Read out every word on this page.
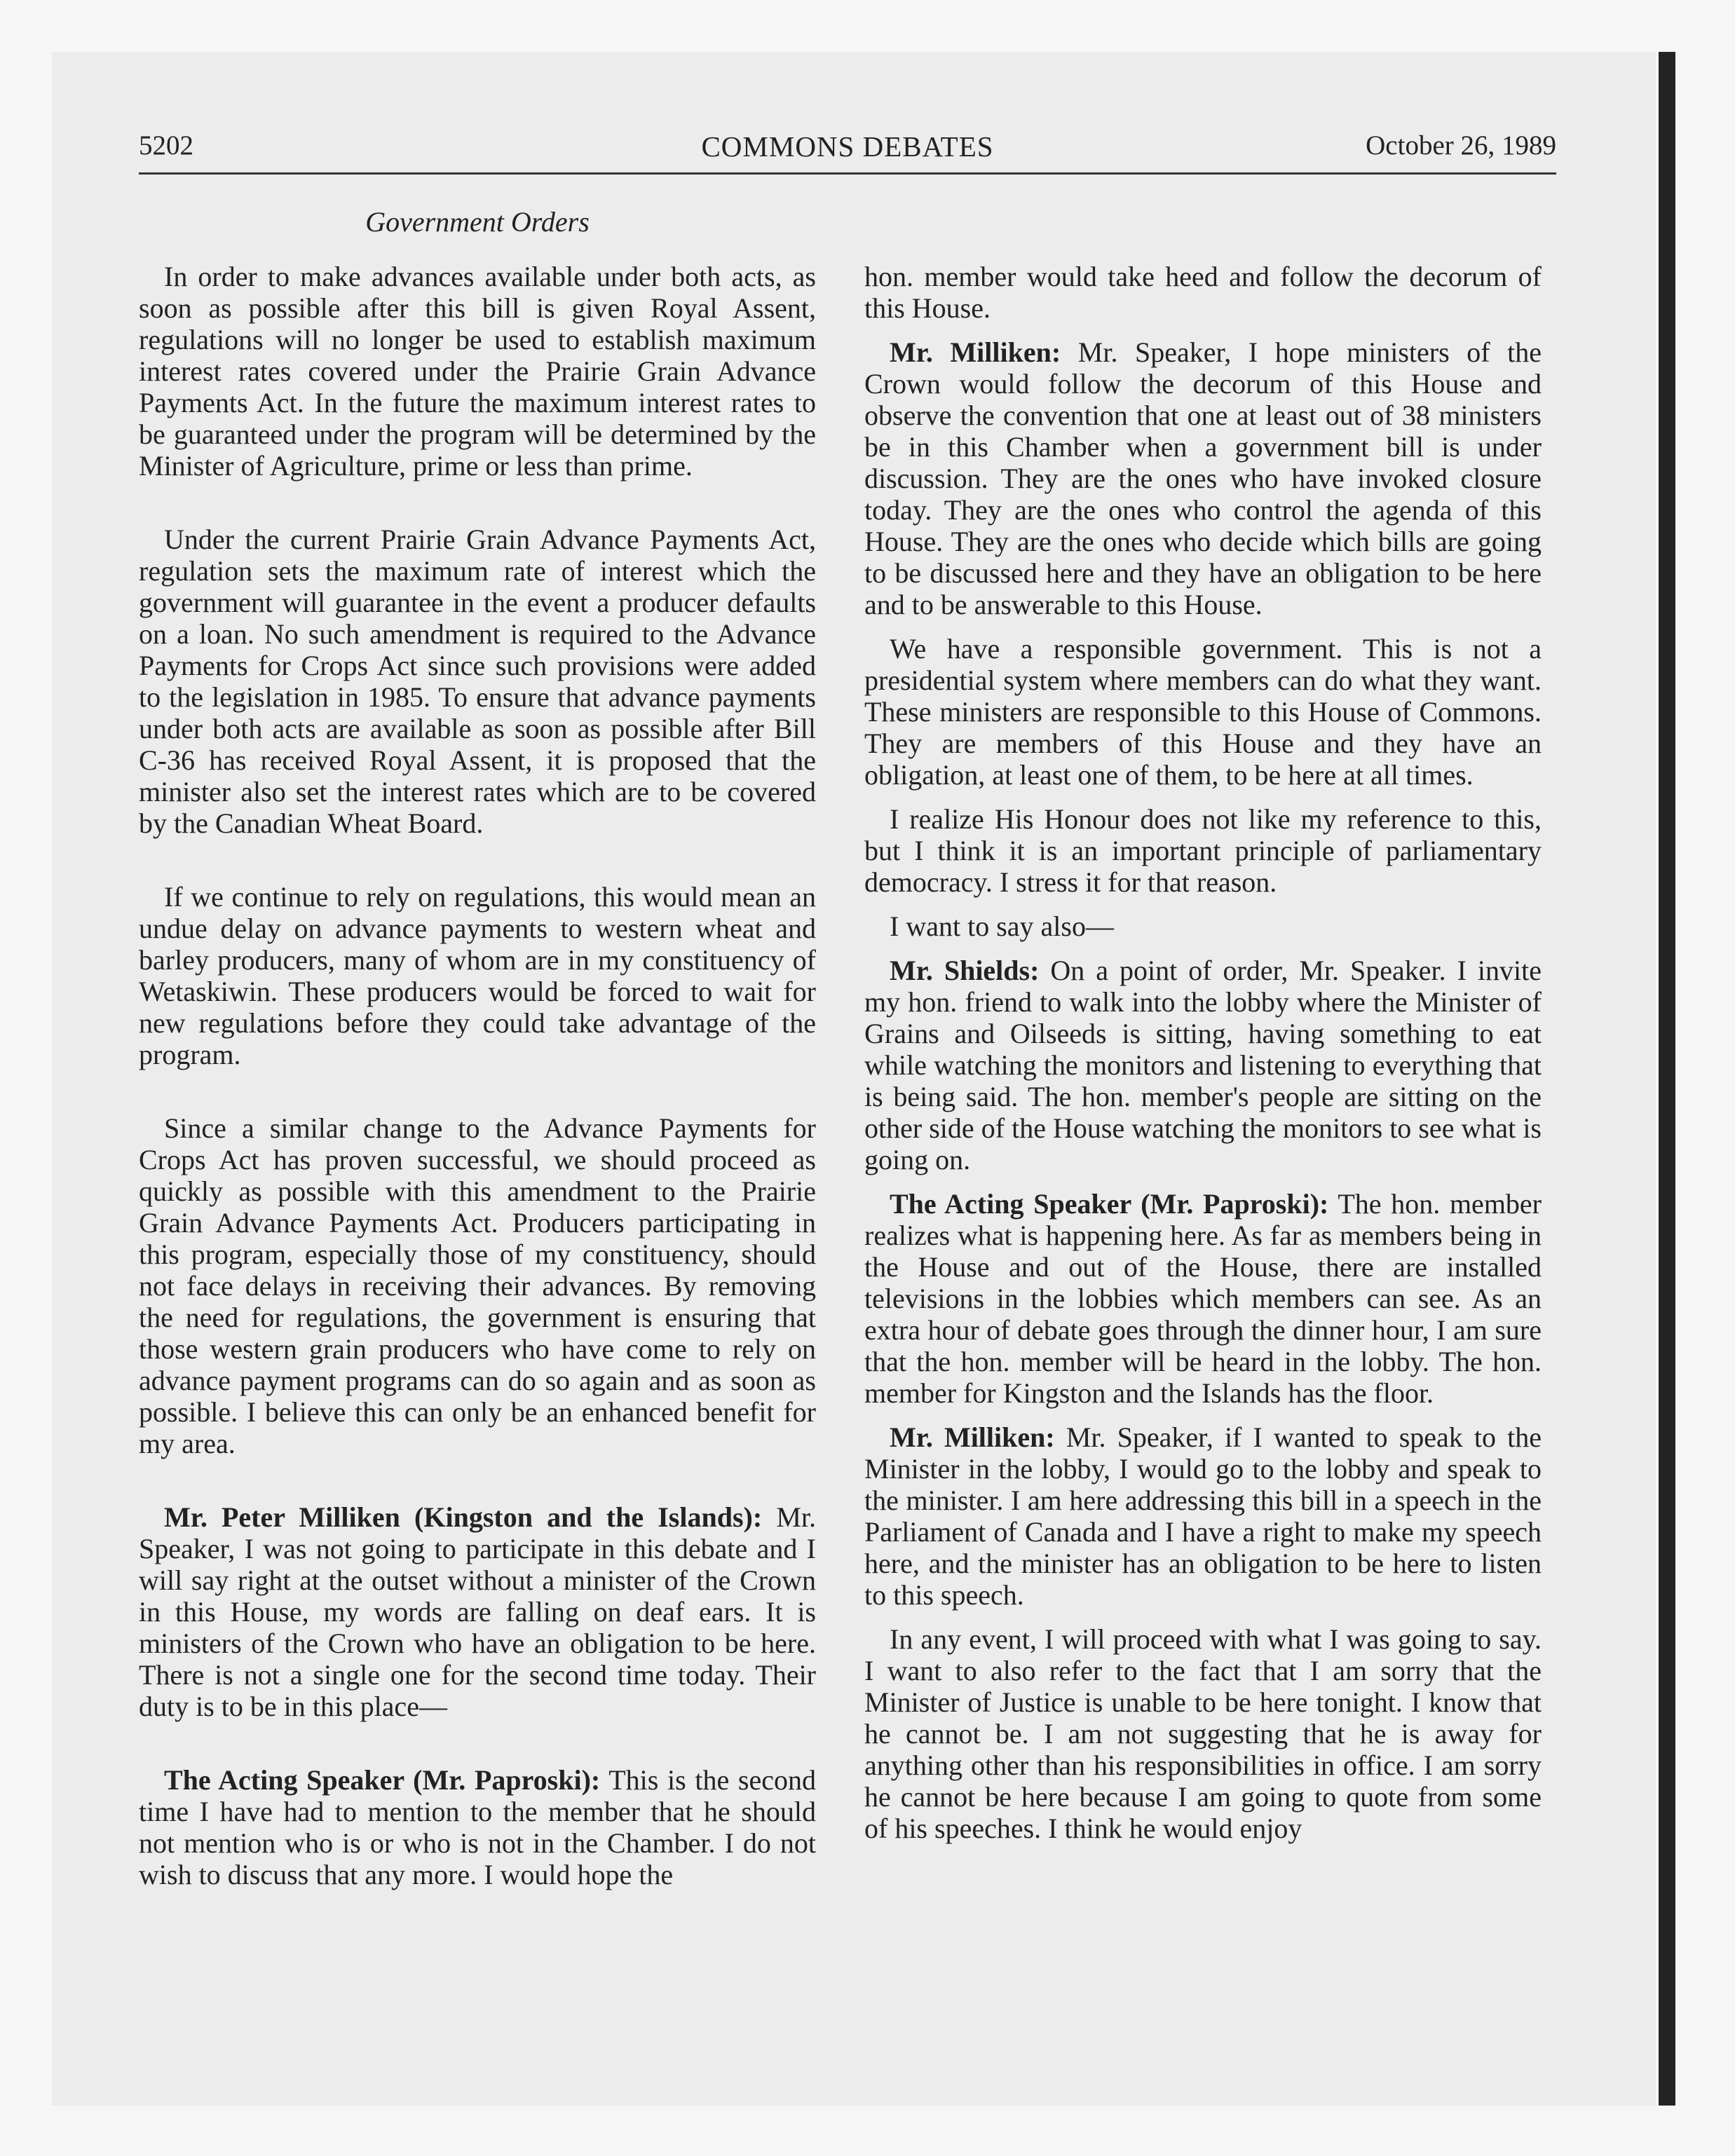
5202	COMMONS DEBATES	October 26, 1989
Government Orders

In order to make advances available under both acts, as soon as possible after this bill is given Royal Assent, regulations will no longer be used to establish maximum interest rates covered under the Prairie Grain Advance Payments Act. In the future the maximum interest rates to be guaranteed under the program will be determined by the Minister of Agriculture, prime or less than prime.

Under the current Prairie Grain Advance Payments Act, regulation sets the maximum rate of interest which the government will guarantee in the event a producer defaults on a loan. No such amendment is required to the Advance Payments for Crops Act since such provisions were added to the legislation in 1985. To ensure that advance payments under both acts are available as soon as possible after Bill C-36 has received Royal Assent, it is proposed that the minister also set the interest rates which are to be covered by the Canadian Wheat Board.

If we continue to rely on regulations, this would mean an undue delay on advance payments to western wheat and barley producers, many of whom are in my constituency of Wetaskiwin. These producers would be forced to wait for new regulations before they could take advantage of the program.

Since a similar change to the Advance Payments for Crops Act has proven successful, we should proceed as quickly as possible with this amendment to the Prairie Grain Advance Payments Act. Producers participating in this program, especially those of my constituency, should not face delays in receiving their advances. By removing the need for regulations, the government is ensuring that those western grain producers who have come to rely on advance payment programs can do so again and as soon as possible. I believe this can only be an enhanced benefit for my area.

Mr. Peter Milliken (Kingston and the Islands): Mr. Speaker, I was not going to participate in this debate and I will say right at the outset without a minister of the Crown in this House, my words are falling on deaf ears. It is ministers of the Crown who have an obligation to be here. There is not a single one for the second time today. Their duty is to be in this place—

The Acting Speaker (Mr. Paproski): This is the second time I have had to mention to the member that he should not mention who is or who is not in the Chamber. I do not wish to discuss that any more. I would hope the

hon. member would take heed and follow the decorum of this House.

Mr. Milliken: Mr. Speaker, I hope ministers of the Crown would follow the decorum of this House and observe the convention that one at least out of 38 ministers be in this Chamber when a government bill is under discussion. They are the ones who have invoked closure today. They are the ones who control the agenda of this House. They are the ones who decide which bills are going to be discussed here and they have an obligation to be here and to be answerable to this House.

We have a responsible government. This is not a presidential system where members can do what they want. These ministers are responsible to this House of Commons. They are members of this House and they have an obligation, at least one of them, to be here at all times.

I realize His Honour does not like my reference to this, but I think it is an important principle of parliamentary democracy. I stress it for that reason.

I want to say also—

Mr. Shields: On a point of order, Mr. Speaker. I invite my hon. friend to walk into the lobby where the Minister of Grains and Oilseeds is sitting, having something to eat while watching the monitors and listening to everything that is being said. The hon. member's people are sitting on the other side of the House watching the monitors to see what is going on.

The Acting Speaker (Mr. Paproski): The hon. member realizes what is happening here. As far as members being in the House and out of the House, there are installed televisions in the lobbies which members can see. As an extra hour of debate goes through the dinner hour, I am sure that the hon. member will be heard in the lobby. The hon. member for Kingston and the Islands has the floor.

Mr. Milliken: Mr. Speaker, if I wanted to speak to the Minister in the lobby, I would go to the lobby and speak to the minister. I am here addressing this bill in a speech in the Parliament of Canada and I have a right to make my speech here, and the minister has an obligation to be here to listen to this speech.

In any event, I will proceed with what I was going to say. I want to also refer to the fact that I am sorry that the Minister of Justice is unable to be here tonight. I know that he cannot be. I am not suggesting that he is away for anything other than his responsibilities in office. I am sorry he cannot be here because I am going to quote from some of his speeches. I think he would enjoy
